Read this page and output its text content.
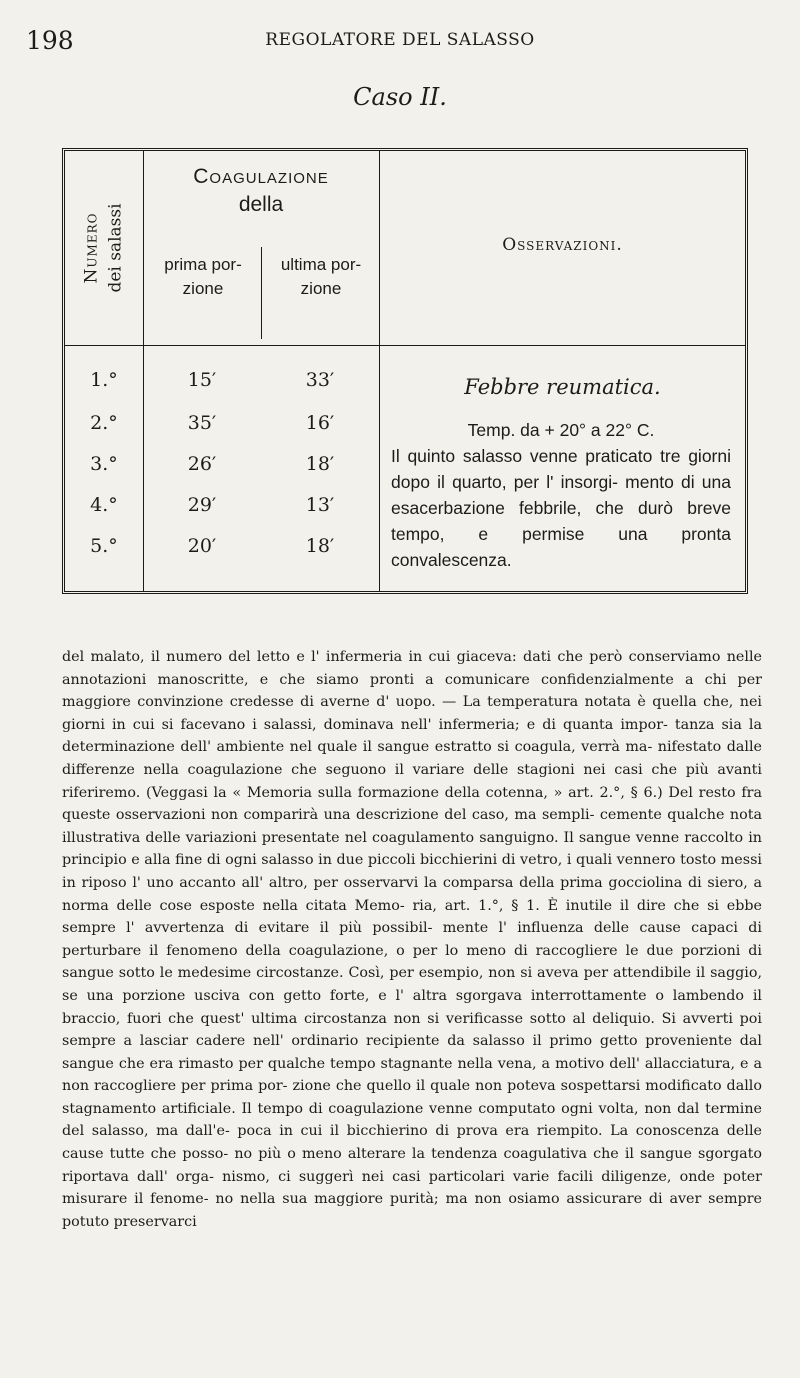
198	REGOLATORE DEL SALASSO
Caso II.
Numero dei salassi
Coagulazione
della
prima por- zione
ultima por- zione
Osservazioni.
1.°	15′	33′
2.°	35′	16′
3.°	26′	18′
4.°	29′	13′
5.°	20′	18′
Febbre reumatica.

Temp. da + 20° a 22° C.

Il quinto salasso venne praticato tre giorni dopo il quarto, per l' insorgi- mento di una esacerbazione febbrile, che durò breve tempo, e permise una pronta convalescenza.

del malato, il numero del letto e l' infermeria in cui giaceva: dati che però conserviamo nelle annotazioni manoscritte, e che siamo pronti a comunicare confidenzialmente a chi per maggiore convinzione credesse di averne d' uopo. — La temperatura notata è quella che, nei giorni in cui si facevano i salassi, dominava nell' infermeria; e di quanta impor- tanza sia la determinazione dell' ambiente nel quale il sangue estratto si coagula, verrà ma- nifestato dalle differenze nella coagulazione che seguono il variare delle stagioni nei casi che più avanti riferiremo. (Veggasi la « Memoria sulla formazione della cotenna, » art. 2.°, § 6.) Del resto fra queste osservazioni non comparirà una descrizione del caso, ma sempli- cemente qualche nota illustrativa delle variazioni presentate nel coagulamento sanguigno. Il sangue venne raccolto in principio e alla fine di ogni salasso in due piccoli bicchierini di vetro, i quali vennero tosto messi in riposo l' uno accanto all' altro, per osservarvi la comparsa della prima gocciolina di siero, a norma delle cose esposte nella citata Memo- ria, art. 1.°, § 1. È inutile il dire che si ebbe sempre l' avvertenza di evitare il più possibil- mente l' influenza delle cause capaci di perturbare il fenomeno della coagulazione, o per lo meno di raccogliere le due porzioni di sangue sotto le medesime circostanze. Così, per esempio, non si aveva per attendibile il saggio, se una porzione usciva con getto forte, e l' altra sgorgava interrottamente o lambendo il braccio, fuori che quest' ultima circostanza non si verificasse sotto al deliquio. Si avverti poi sempre a lasciar cadere nell' ordinario recipiente da salasso il primo getto proveniente dal sangue che era rimasto per qualche tempo stagnante nella vena, a motivo dell' allacciatura, e a non raccogliere per prima por- zione che quello il quale non poteva sospettarsi modificato dallo stagnamento artificiale. Il tempo di coagulazione venne computato ogni volta, non dal termine del salasso, ma dall'e- poca in cui il bicchierino di prova era riempito. La conoscenza delle cause tutte che posso- no più o meno alterare la tendenza coagulativa che il sangue sgorgato riportava dall' orga- nismo, ci suggerì nei casi particolari varie facili diligenze, onde poter misurare il fenome- no nella sua maggiore purità; ma non osiamo assicurare di aver sempre potuto preservarci
